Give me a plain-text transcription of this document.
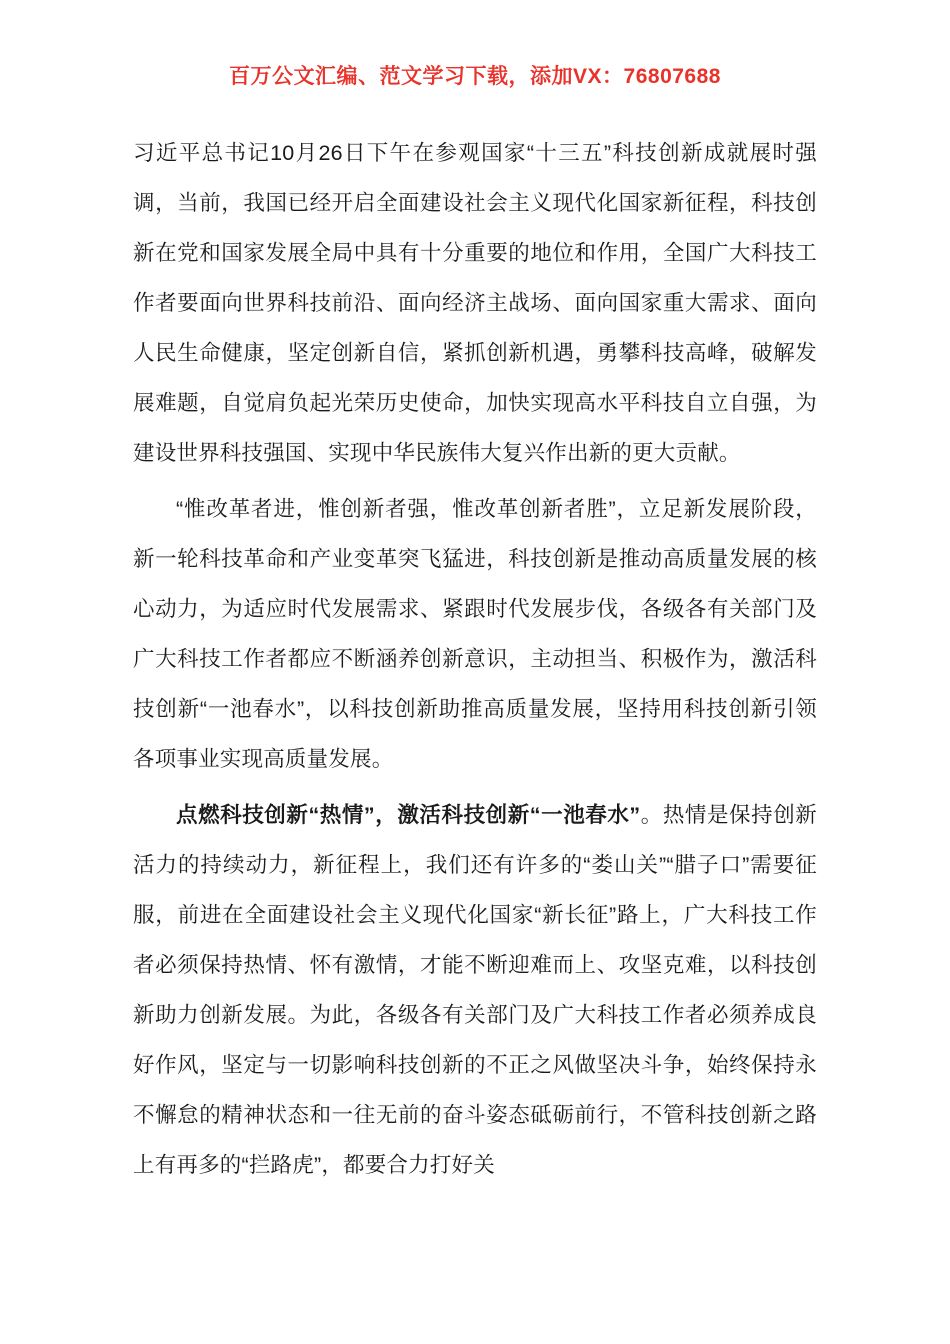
百万公文汇编、范文学习下载，添加VX：76807688

习近平总书记10月26日下午在参观国家“十三五”科技创新成就展时强调，当前，我国已经开启全面建设社会主义现代化国家新征程，科技创新在党和国家发展全局中具有十分重要的地位和作用，全国广大科技工作者要面向世界科技前沿、面向经济主战场、面向国家重大需求、面向人民生命健康，坚定创新自信，紧抓创新机遇，勇攀科技高峰，破解发展难题，自觉肩负起光荣历史使命，加快实现高水平科技自立自强，为建设世界科技强国、实现中华民族伟大复兴作出新的更大贡献。

“惟改革者进，惟创新者强，惟改革创新者胜”，立足新发展阶段，新一轮科技革命和产业变革突飞猛进，科技创新是推动高质量发展的核心动力，为适应时代发展需求、紧跟时代发展步伐，各级各有关部门及广大科技工作者都应不断涵养创新意识，主动担当、积极作为，激活科技创新“一池春水”，以科技创新助推高质量发展，坚持用科技创新引领各项事业实现高质量发展。

点燃科技创新“热情”，激活科技创新“一池春水”。热情是保持创新活力的持续动力，新征程上，我们还有许多的“娄山关”“腊子口”需要征服，前进在全面建设社会主义现代化国家“新长征”路上，广大科技工作者必须保持热情、怀有激情，才能不断迎难而上、攻坚克难，以科技创新助力创新发展。为此，各级各有关部门及广大科技工作者必须养成良好作风，坚定与一切影响科技创新的不正之风做坚决斗争，始终保持永不懈怠的精神状态和一往无前的奋斗姿态砥砺前行，不管科技创新之路上有再多的“拦路虎”，都要合力打好关
